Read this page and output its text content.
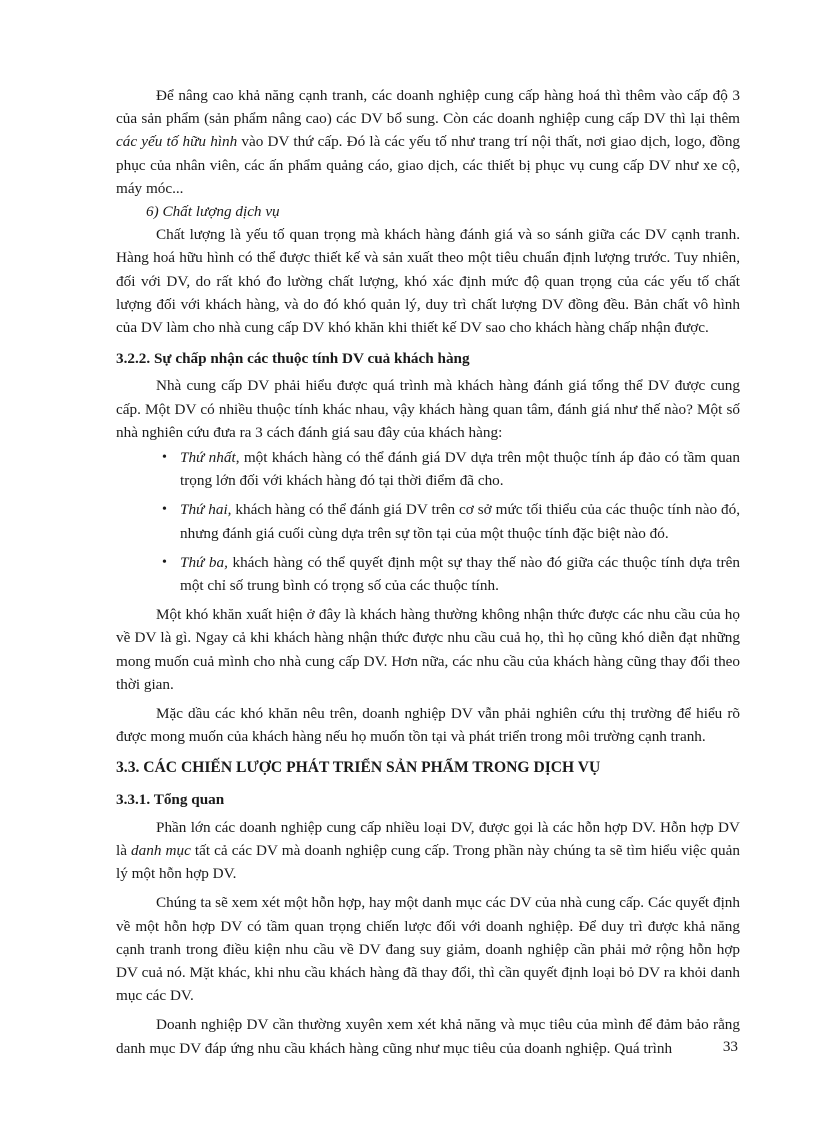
Để nâng cao khả năng cạnh tranh, các doanh nghiệp cung cấp hàng hoá thì thêm vào cấp độ 3 của sản phẩm (sản phẩm nâng cao) các DV bổ sung. Còn các doanh nghiệp cung cấp DV thì lại thêm các yếu tố hữu hình vào DV thứ cấp. Đó là các yếu tố như trang trí nội thất, nơi giao dịch, logo, đồng phục của nhân viên, các ấn phẩm quảng cáo, giao dịch, các thiết bị phục vụ cung cấp DV như xe cộ, máy móc...

6) Chất lượng dịch vụ

Chất lượng là yếu tố quan trọng mà khách hàng đánh giá và so sánh giữa các DV cạnh tranh. Hàng hoá hữu hình có thể được thiết kế và sản xuất theo một tiêu chuẩn định lượng trước. Tuy nhiên, đối với DV, do rất khó đo lường chất lượng, khó xác định mức độ quan trọng của các yếu tố chất lượng đối với khách hàng, và do đó khó quản lý, duy trì chất lượng DV đồng đều. Bản chất vô hình của DV làm cho nhà cung cấp DV khó khăn khi thiết kế DV sao cho khách hàng chấp nhận được.

3.2.2. Sự chấp nhận các thuộc tính DV cuả khách hàng

Nhà cung cấp DV phải hiểu được quá trình mà khách hàng đánh giá tổng thể DV được cung cấp. Một DV có nhiều thuộc tính khác nhau, vậy khách hàng quan tâm, đánh giá như thế nào? Một số nhà nghiên cứu đưa ra 3 cách đánh giá sau đây của khách hàng:

• Thứ nhất, một khách hàng có thể đánh giá DV dựa trên một thuộc tính áp đảo có tầm quan trọng lớn đối với khách hàng đó tại thời điểm đã cho.
• Thứ hai, khách hàng có thể đánh giá DV trên cơ sở mức tối thiểu của các thuộc tính nào đó, nhưng đánh giá cuối cùng dựa trên sự tồn tại của một thuộc tính đặc biệt nào đó.
• Thứ ba, khách hàng có thể quyết định một sự thay thế nào đó giữa các thuộc tính dựa trên một chỉ số trung bình có trọng số của các thuộc tính.

Một khó khăn xuất hiện ở đây là khách hàng thường không nhận thức được các nhu cầu của họ về DV là gì. Ngay cả khi khách hàng nhận thức được nhu cầu cuả họ, thì họ cũng khó diễn đạt những mong muốn cuả mình cho nhà cung cấp DV. Hơn nữa, các nhu cầu của khách hàng cũng thay đổi theo thời gian.

Mặc dầu các khó khăn nêu trên, doanh nghiệp DV vẫn phải nghiên cứu thị trường để hiểu rõ được mong muốn của khách hàng nếu họ muốn tồn tại và phát triển trong môi trường cạnh tranh.

3.3. CÁC CHIẾN LƯỢC PHÁT TRIỂN SẢN PHẨM TRONG DỊCH VỤ
3.3.1. Tổng quan

Phần lớn các doanh nghiệp cung cấp nhiều loại DV, được gọi là các hỗn hợp DV. Hỗn hợp DV là danh mục tất cả các DV mà doanh nghiệp cung cấp. Trong phần này chúng ta sẽ tìm hiểu việc quản lý một hỗn hợp DV.

Chúng ta sẽ xem xét một hỗn hợp, hay một danh mục các DV của nhà cung cấp. Các quyết định về một hỗn hợp DV có tầm quan trọng chiến lược đối với doanh nghiệp. Để duy trì được khả năng cạnh tranh trong điều kiện nhu cầu về DV đang suy giảm, doanh nghiệp cần phải mở rộng hỗn hợp DV cuả nó. Mặt khác, khi nhu cầu khách hàng đã thay đổi, thì cần quyết định loại bỏ DV ra khỏi danh mục các DV.

Doanh nghiệp DV cần thường xuyên xem xét khả năng và mục tiêu của mình để đảm bảo rằng danh mục DV đáp ứng nhu cầu khách hàng cũng như mục tiêu của doanh nghiệp. Quá trình	33
